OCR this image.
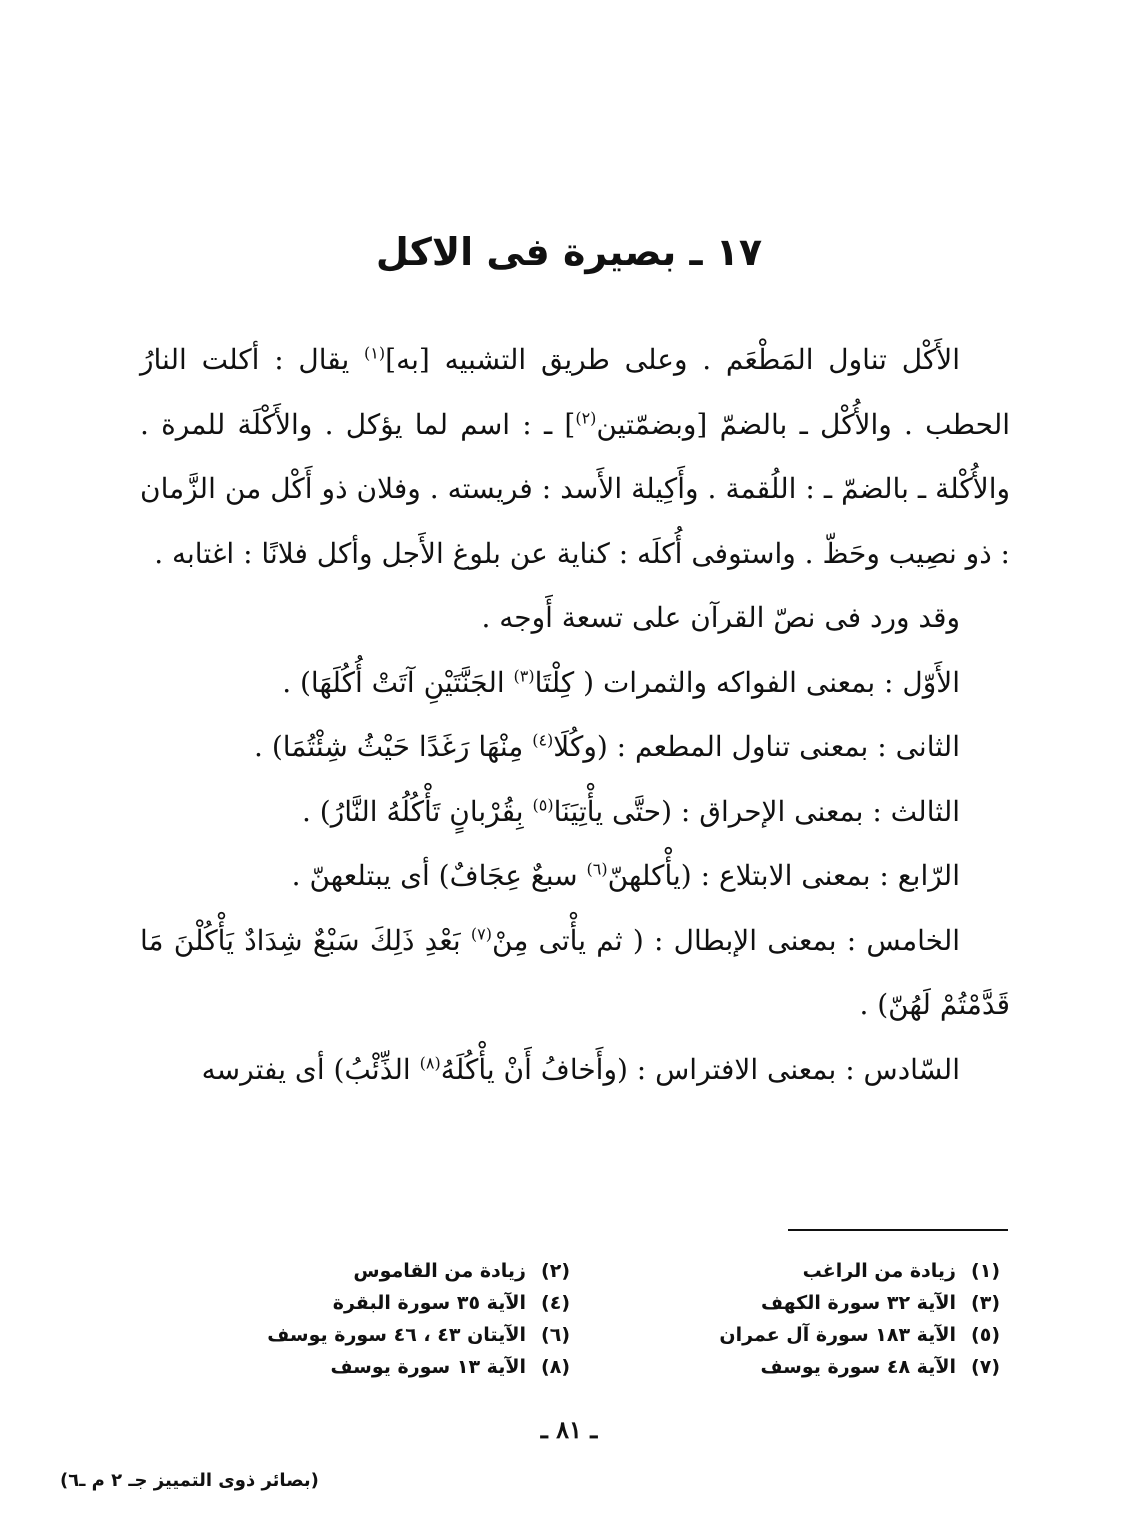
١٧ ـ بصيرة فى الاكل

الأَكْل تناول المَطْعَم . وعلى طريق التشبيه [به]$^{(١)}$ يقال : أكلت النارُ الحطب . والأُكْل ـ بالضمّ [وبضمّتين$^{(٢)}$] ـ : اسم لما يؤكل . والأَكْلَة للمرة . والأُكْلة ـ بالضمّ ـ : اللُقمة . وأَكِيلة الأَسد : فريسته . وفلان ذو أَكْل من الزَّمان : ذو نصِيب وحَظّ . واستوفى أُكلَه : كناية عن بلوغ الأَجل وأكل فلانًا : اغتابه .

وقد ورد فى نصّ القرآن على تسعة أَوجه .

الأَوّل : بمعنى الفواكه والثمرات ( كِلْتَا$^{(٣)}$ الجَنَّتَيْنِ آتَتْ أُكُلَهَا) .

الثانى : بمعنى تناول المطعم : (وكُلَا$^{(٤)}$ مِنْهَا رَغَدًا حَيْثُ شِئْتُمَا) .

الثالث : بمعنى الإحراق : (حتَّى يأْتِيَنَا$^{(٥)}$ بِقُرْبانٍ تَأْكُلُهُ النَّارُ) .

الرّابع : بمعنى الابتلاع : (يأْكلهنّ$^{(٦)}$ سبعٌ عِجَافٌ) أى يبتلعهنّ .

الخامس : بمعنى الإبطال : ( ثم يأْتى مِنْ$^{(٧)}$ بَعْدِ ذَلِكَ سَبْعٌ شِدَادٌ يَأْكُلْنَ مَا قَدَّمْتُمْ لَهُنّ) .

السّادس : بمعنى الافتراس : (وأَخافُ أَنْ يأْكُلَهُ$^{(٨)}$ الذِّئْبُ) أى يفترسه

(١)
زيادة من الراغب
(٢)
زيادة من القاموس
(٣)
الآية ٣٢ سورة الكهف
(٤)
الآية ٣٥ سورة البقرة
(٥)
الآية ١٨٣ سورة آل عمران
(٦)
الآيتان ٤٣ ، ٤٦ سورة يوسف
(٧)
الآية ٤٨ سورة يوسف
(٨)
الآية ١٣ سورة يوسف
ـ ٨١ ـ
(بصائر ذوى التمييز جـ ٢ م ـ٦)
